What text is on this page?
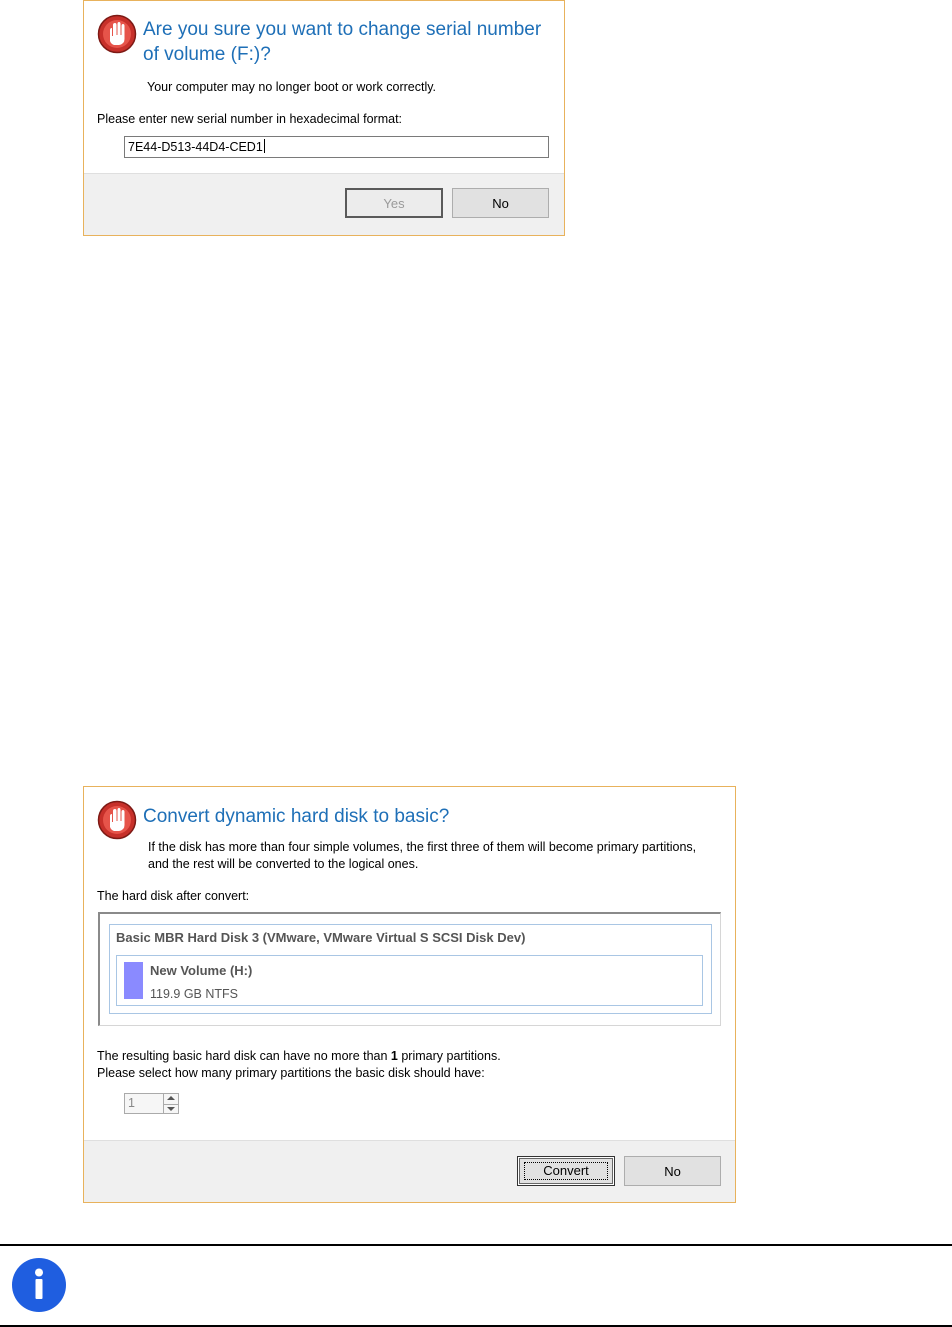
Are you sure you want to change serial number
of volume (F:)?
Your computer may no longer boot or work correctly.
Please enter new serial number in hexadecimal format:
7E44-D513-44D4-CED1
Yes	No
Convert dynamic hard disk to basic?
If the disk has more than four simple volumes, the first three of them will become primary partitions,
and the rest will be converted to the logical ones.
The hard disk after convert:
Basic MBR Hard Disk 3 (VMware, VMware Virtual S SCSI Disk Dev)
New Volume (H:)
119.9 GB NTFS
The resulting basic hard disk can have no more than 1 primary partitions.
Please select how many primary partitions the basic disk should have:
1
Convert	No
